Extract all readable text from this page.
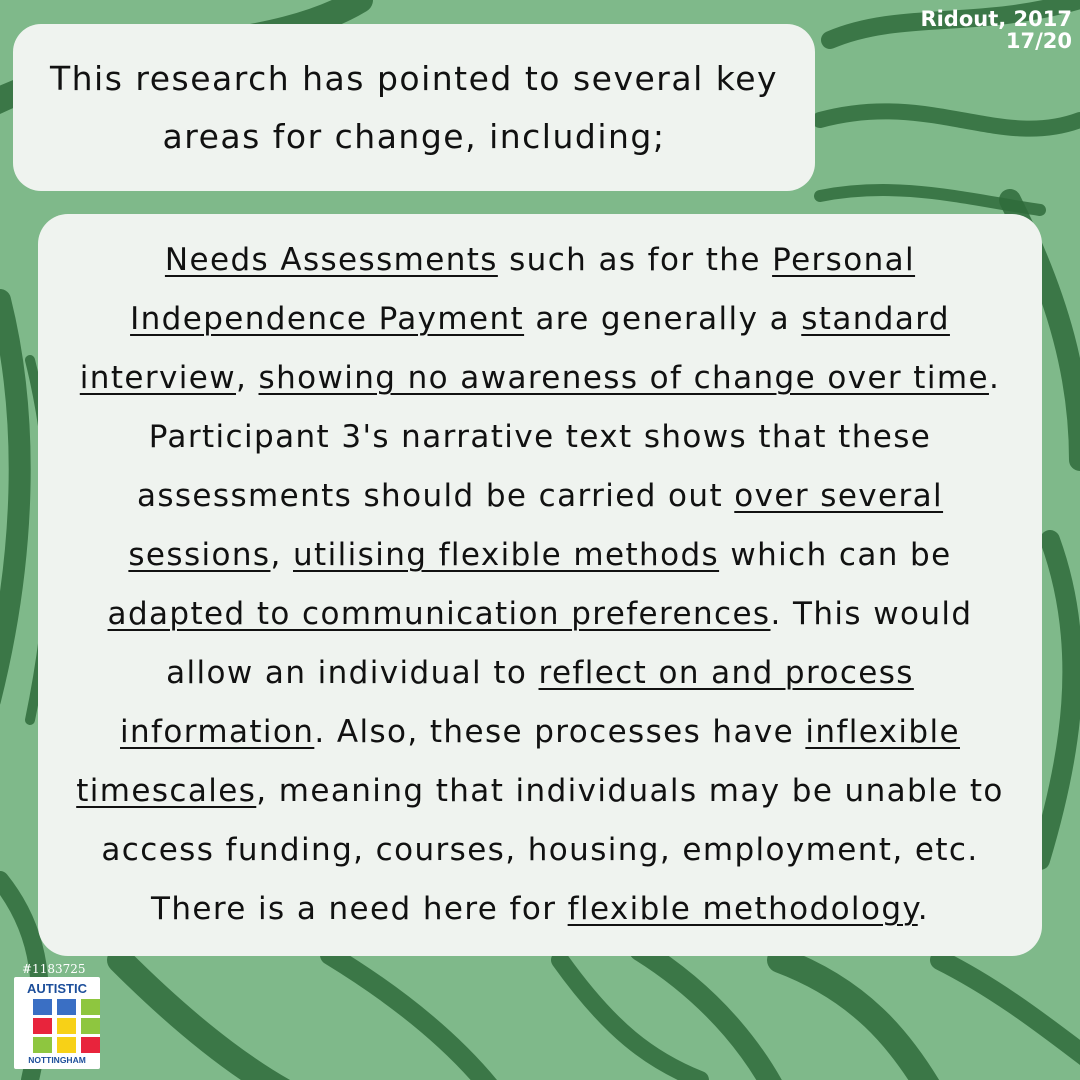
Ridout, 2017
17/20

This research has pointed to several key areas for change, including;

Needs Assessments such as for the Personal Independence Payment are generally a standard interview, showing no awareness of change over time. Participant 3's narrative text shows that these assessments should be carried out over several sessions, utilising flexible methods which can be adapted to communication preferences. This would allow an individual to reflect on and process information. Also, these processes have inflexible timescales, meaning that individuals may be unable to access funding, courses, housing, employment, etc. There is a need here for flexible methodology.

#1183725
AUTISTIC
NOTTINGHAM
